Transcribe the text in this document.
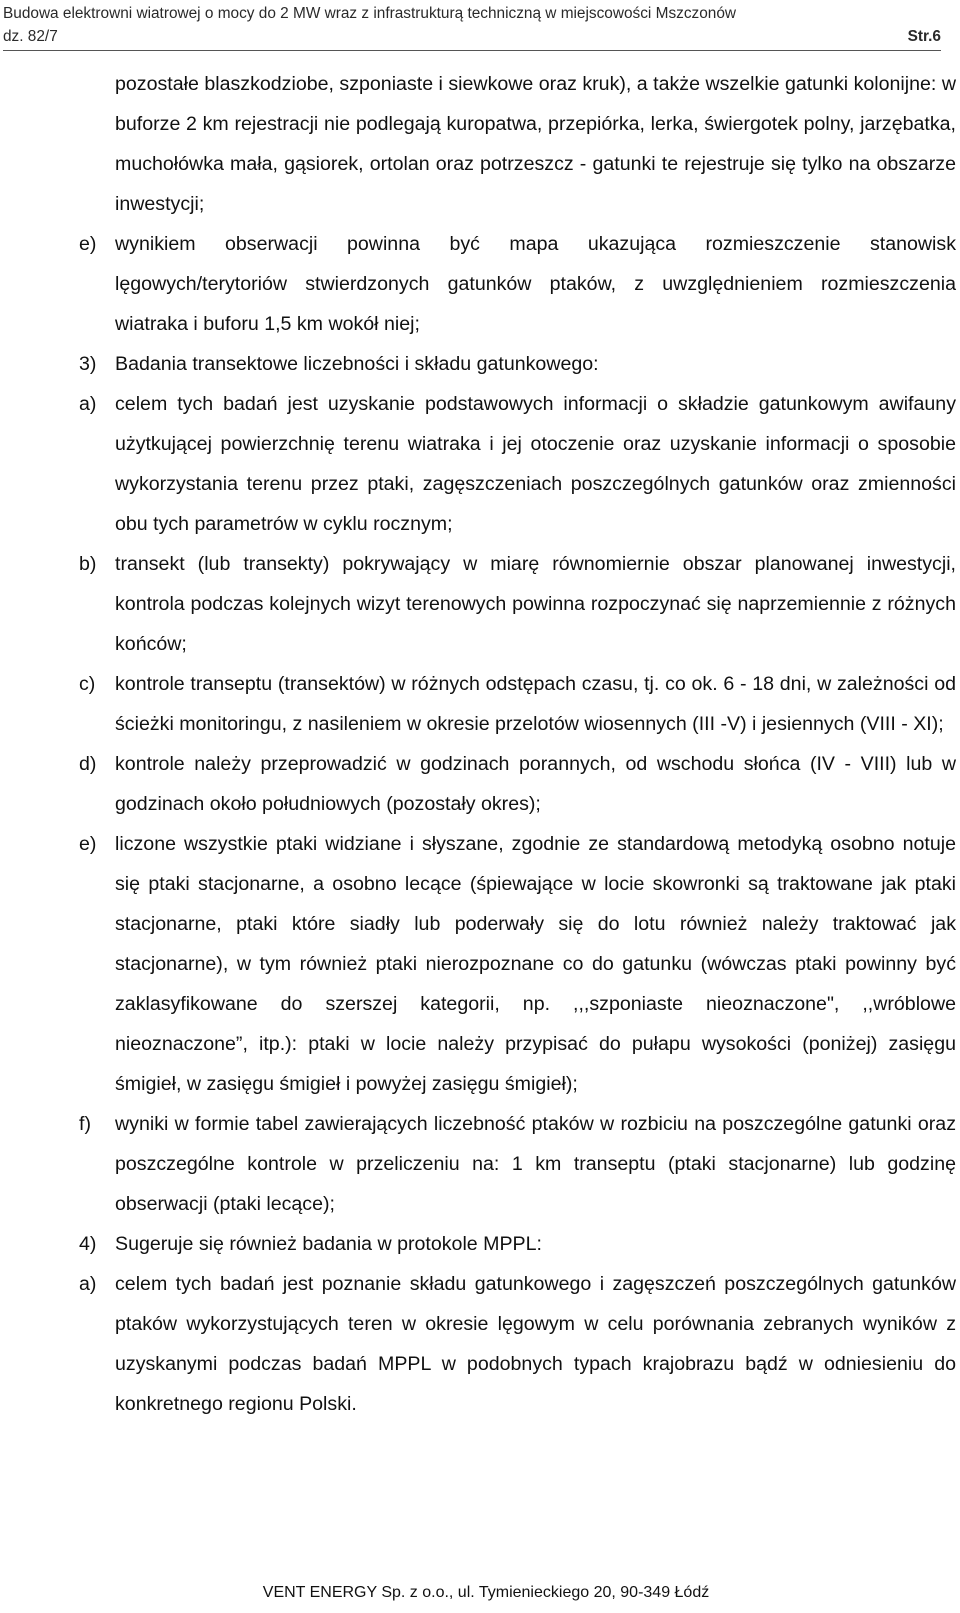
Budowa elektrowni wiatrowej o mocy do 2 MW wraz z infrastrukturą techniczną w miejscowości Mszczonów
dz. 82/7	Str.6
pozostałe blaszkodziobe, szponiaste i siewkowe oraz kruk), a także wszelkie gatunki kolonijne: w buforze 2 km rejestracji nie podlegają kuropatwa, przepiórka, lerka, świergotek polny, jarzębatka, muchołówka mała, gąsiorek, ortolan oraz potrzeszcz - gatunki te rejestruje się tylko na obszarze inwestycji;
e) wynikiem obserwacji powinna być mapa ukazująca rozmieszczenie stanowisk lęgowych/terytoriów stwierdzonych gatunków ptaków, z uwzględnieniem rozmieszczenia wiatraka i buforu 1,5 km wokół niej;
3) Badania transektowe liczebności i składu gatunkowego:
a) celem tych badań jest uzyskanie podstawowych informacji o składzie gatunkowym awifauny użytkującej powierzchnię terenu wiatraka i jej otoczenie oraz uzyskanie informacji o sposobie wykorzystania terenu przez ptaki, zagęszczeniach poszczególnych gatunków oraz zmienności obu tych parametrów w cyklu rocznym;
b) transekt (lub transekty) pokrywający w miarę równomiernie obszar planowanej inwestycji, kontrola podczas kolejnych wizyt terenowych powinna rozpoczynać się naprzemiennie z różnych końców;
c)	kontrole transeptu (transektów) w różnych odstępach czasu, tj. co ok. 6 - 18 dni, w zależności od ścieżki monitoringu, z nasileniem w okresie przelotów wiosennych (III -V) i jesiennych (VIII - XI);
d) kontrole należy przeprowadzić w godzinach porannych, od wschodu słońca (IV - VIII) lub w godzinach około południowych (pozostały okres);
e) liczone wszystkie ptaki widziane i słyszane, zgodnie ze standardową metodyką osobno notuje się ptaki stacjonarne, a osobno lecące (śpiewające w locie skowronki są traktowane jak ptaki stacjonarne, ptaki które siadły lub poderwały się do lotu również należy traktować jak stacjonarne), w tym również ptaki nierozpoznane co do gatunku (wówczas ptaki powinny być zaklasyfikowane do szerszej kategorii, np. ,,,szponiaste nieoznaczone", ,,wróblowe nieoznaczone”, itp.): ptaki w locie należy przypisać do pułapu wysokości (poniżej) zasięgu śmigieł, w zasięgu śmigieł i powyżej zasięgu śmigieł);
f)	wyniki w formie tabel zawierających liczebność ptaków w rozbiciu na poszczególne gatunki oraz poszczególne kontrole w przeliczeniu na: 1 km transeptu (ptaki stacjonarne) lub godzinę obserwacji (ptaki lecące);
4) Sugeruje się również badania w protokole MPPL:
a) celem tych badań jest poznanie składu gatunkowego i zagęszczeń poszczególnych gatunków ptaków wykorzystujących teren w okresie lęgowym w celu porównania zebranych wyników z uzyskanymi podczas badań MPPL w podobnych typach krajobrazu bądź w odniesieniu do konkretnego regionu Polski.
VENT ENERGY Sp. z o.o., ul. Tymienieckiego 20, 90-349 Łódź
